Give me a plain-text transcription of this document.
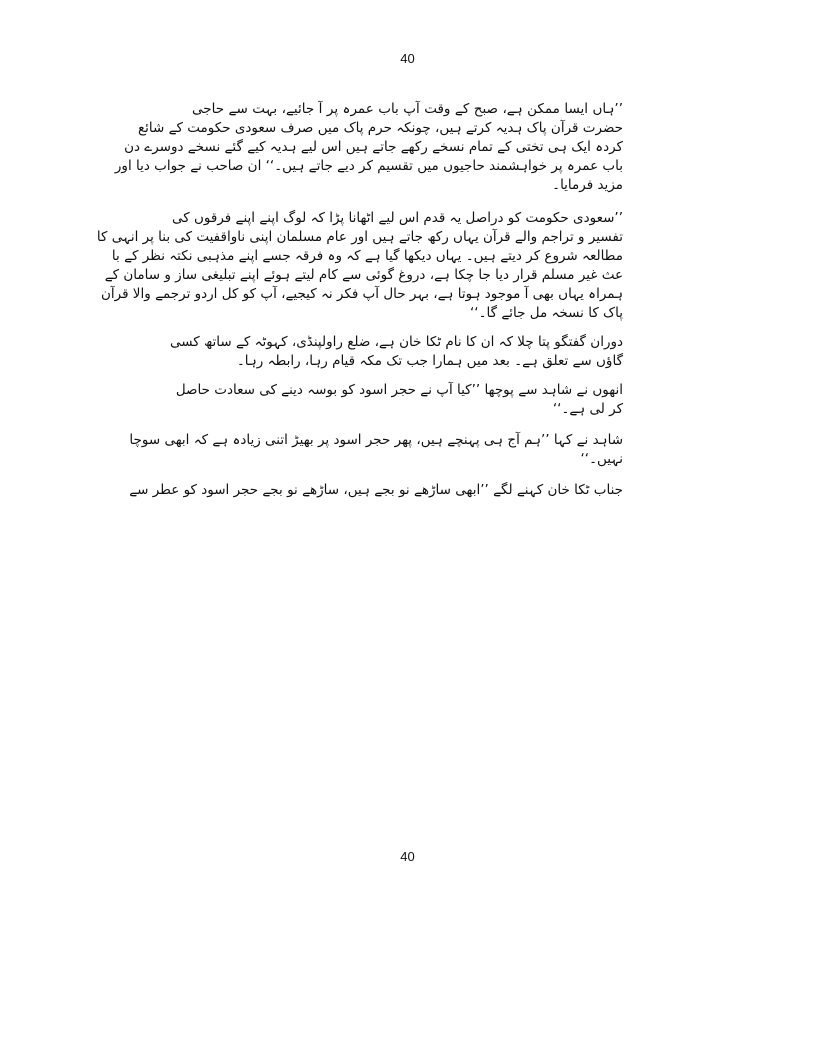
40
’’ہاں ایسا ممکن ہے، صبح کے وقت آپ باب عمرہ پر آ جائیے، بہت سے حاجی
حضرت قرآن پاک ہدیہ کرتے ہیں، چونکہ حرم پاک میں صرف سعودی حکومت کے شائع
کردہ ایک ہی تختی کے تمام نسخے رکھے جاتے ہیں اس لیے ہدیہ کیے گئے نسخے دوسرے دن
باب عمرہ پر خواہشمند حاجیوں میں تقسیم کر دیے جاتے ہیں۔‘‘ ان صاحب نے جواب دیا اور
مزید فرمایا۔
’’سعودی حکومت کو دراصل یہ قدم اس لیے اٹھانا پڑا کہ لوگ اپنے اپنے فرقوں کی
تفسیر و تراجم والے قرآن یہاں رکھ جاتے ہیں اور عام مسلمان اپنی ناواقفیت کی بنا پر انہی کا
مطالعہ شروع کر دیتے ہیں۔ یہاں دیکھا گیا ہے کہ وہ فرقہ جسے اپنے مذہبی نکتہ نظر کے با
عث غیر مسلم قرار دیا جا چکا ہے، دروغ گوئی سے کام لیتے ہوئے اپنے تبلیغی ساز و سامان کے
ہمراہ یہاں بھی آ موجود ہوتا ہے، بہر حال آپ فکر نہ کیجیے، آپ کو کل اردو ترجمے والا قرآن
پاک کا نسخہ مل جائے گا۔‘‘
دوران گفتگو پتا چلا کہ ان کا نام ٹکا خان ہے، ضلع راولپنڈی، کہوٹہ کے ساتھ کسی
گاؤں سے تعلق ہے۔ بعد میں ہمارا جب تک مکہ قیام رہا، رابطہ رہا۔
انھوں نے شاہد سے پوچھا ’’کیا آپ نے حجر اسود کو بوسہ دینے کی سعادت حاصل
کر لی ہے۔‘‘
شاہد نے کہا ’’ہم آج ہی پہنچے ہیں، پھر حجر اسود پر بھیڑ اتنی زیادہ ہے کہ ابھی سوچا
نہیں۔‘‘
جناب ٹکا خان کہنے لگے ’’ابھی ساڑھے نو بجے ہیں، ساڑھے نو بجے حجر اسود کو عطر سے
40
